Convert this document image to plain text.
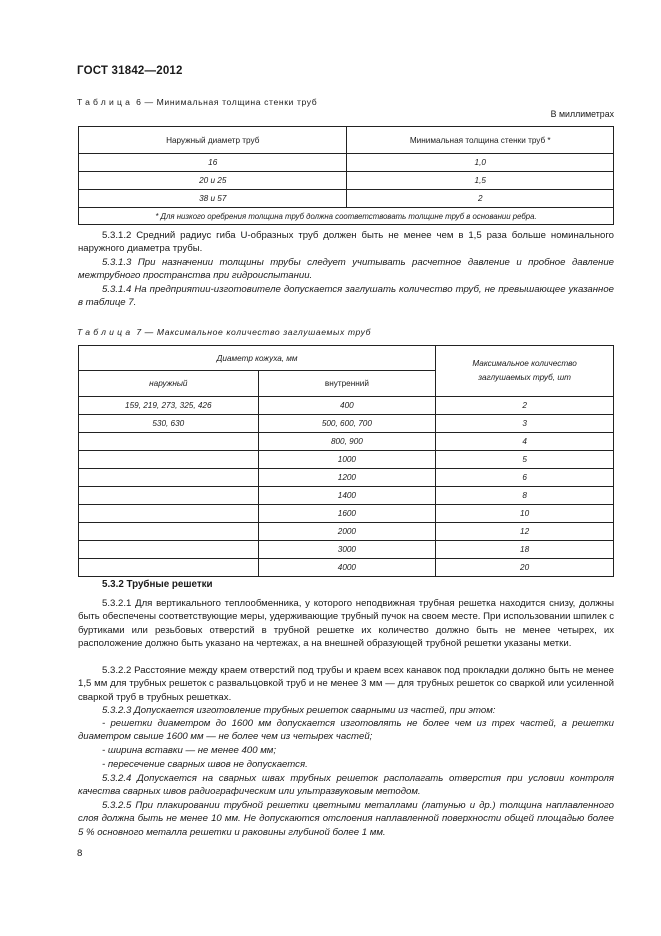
ГОСТ 31842—2012
Таблица 6 — Минимальная толщина стенки труб
В миллиметрах
Наружный диаметр труб	Минимальная толщина стенки труб *
16	1,0
20 и 25	1,5
38 и 57	2
* Для низкого оребрения толщина труб должна соответствовать толщине труб в основании ребра.	

5.3.1.2 Средний радиус гиба U-образных труб должен быть не менее чем в 1,5 раза больше номинального наружного диаметра трубы.

5.3.1.3 При назначении толщины трубы следует учитывать расчетное давление и пробное давление межтрубного пространства при гидроиспытании.

5.3.1.4 На предприятии-изготовителе допускается заглушать количество труб, не превышающее указанное в таблице 7.

Таблица 7 — Максимальное количество заглушаемых труб
Диаметр кожуха, мм		Максимальное количество заглушаемых труб, шт
наружный	внутренний	
159, 219, 273, 325, 426	400	2
530, 630	500, 600, 700	3
	800, 900	4
	1000	5
	1200	6
	1400	8
	1600	10
	2000	12
	3000	18
	4000	20
5.3.2 Трубные решетки

5.3.2.1 Для вертикального теплообменника, у которого неподвижная трубная решетка находится снизу, должны быть обеспечены соответствующие меры, удерживающие трубный пучок на своем месте. При использовании шпилек с буртиками или резьбовых отверстий в трубной решетке их количество должно быть не менее четырех, их расположение должно быть указано на чертежах, а на внешней образующей трубной решетки указаны метки.

5.3.2.2 Расстояние между краем отверстий под трубы и краем всех канавок под прокладки должно быть не менее 1,5 мм для трубных решеток с развальцовкой труб и не менее 3 мм — для трубных решеток со сваркой или усиленной сваркой труб в трубных решетках.

5.3.2.3 Допускается изготовление трубных решеток сварными из частей, при этом:

- решетки диаметром до 1600 мм допускается изготовлять не более чем из трех частей, а решетки диаметром свыше 1600 мм — не более чем из четырех частей;

- ширина вставки — не менее 400 мм;

- пересечение сварных швов не допускается.

5.3.2.4 Допускается на сварных швах трубных решеток располагать отверстия при условии контроля качества сварных швов радиографическим или ультразвуковым методом.

5.3.2.5 При плакировании трубной решетки цветными металлами (латунью и др.) толщина наплавленного слоя должна быть не менее 10 мм. Не допускаются отслоения наплавленной поверхности общей площадью более 5 % основного металла решетки и раковины глубиной более 1 мм.

8
